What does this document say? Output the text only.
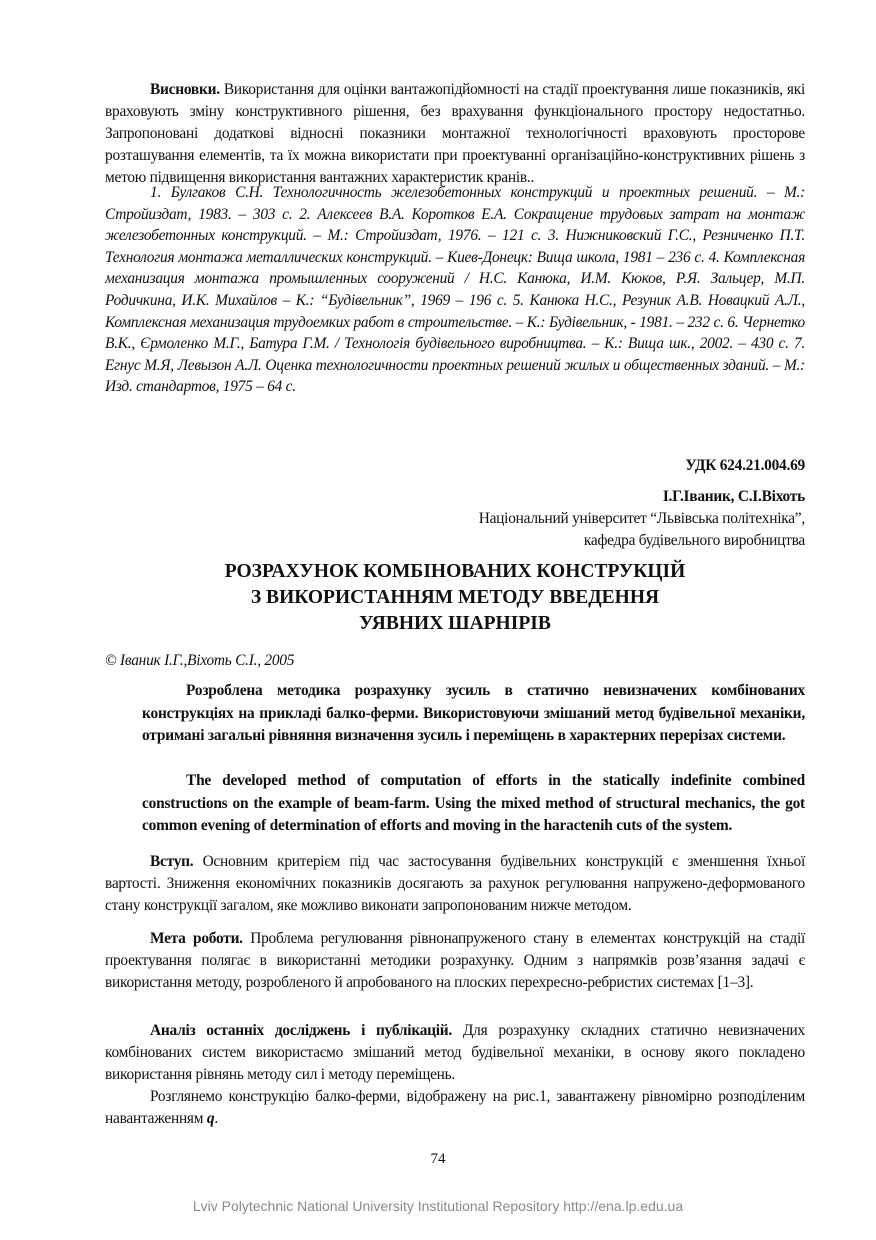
Висновки. Використання для оцінки вантажопідйомності на стадії проектування лише показників, які враховують зміну конструктивного рішення, без врахування функціонального простору недостатньо. Запропоновані додаткові відносні показники монтажної технологічності враховують просторове розташування елементів, та їх можна використати при проектуванні організаційно-конструктивних рішень з метою підвищення використання вантажних характеристик кранів..

1. Булгаков С.Н. Технологичность железобетонных конструкций и проектных решений. – М.: Стройиздат, 1983. – 303 с. 2. Алексеев В.А. Коротков Е.А. Сокращение трудовых затрат на монтаж железобетонных конструкций. – М.: Стройиздат, 1976. – 121 с. 3. Нижниковский Г.С., Резниченко П.Т. Технология монтажа металлических конструкций. – Киев-Донецк: Вища школа, 1981 – 236 с. 4. Комплексная механизация монтажа промышленных сооружений / Н.С. Канюка, И.М. Кюков, Р.Я. Зальцер, М.П. Родичкина, И.К. Михайлов – К.: “Будівельник”, 1969 – 196 с. 5. Канюка Н.С., Резуник А.В. Новацкий А.Л., Комплексная механизация трудоемких работ в строительстве. – К.: Будівельник, - 1981. – 232 с. 6. Чернетко В.К., Єрмоленко М.Г., Батура Г.М. / Технологія будівельного виробництва. – К.: Вища шк., 2002. – 430 с. 7. Егнус М.Я, Левызон А.Л. Оценка технологичности проектных решений жилых и общественных зданий. – М.: Изд. стандартов, 1975 – 64 с.

УДК 624.21.004.69
І.Г.Іваник, С.І.Віхоть
Національний університет “Львівська політехніка”,
кафедра будівельного виробництва
РОЗРАХУНОК КОМБІНОВАНИХ КОНСТРУКЦІЙ
З ВИКОРИСТАННЯМ МЕТОДУ ВВЕДЕННЯ
УЯВНИХ ШАРНІРІВ
© Іваник І.Г.,Віхоть С.І., 2005

Розроблена методика розрахунку зусиль в статично невизначених комбінованих конструкціях на прикладі балко-ферми. Використовуючи змішаний метод будівельної механіки, отримані загальні рівняння визначення зусиль і переміщень в характерних перерізах системи.

The developed method of computation of efforts in the statically indefinite combined constructions on the example of beam-farm. Using the mixed method of structural mechanics, the got common evening of determination of efforts and moving in the haractenih cuts of the system.

Вступ. Основним критерієм під час застосування будівельних конструкцій є зменшення їхньої вартості. Зниження економічних показників досягають за рахунок регулювання напружено-деформованого стану конструкції загалом, яке можливо виконати запропонованим нижче методом.

Мета роботи. Проблема регулювання рівнонапруженого стану в елементах конструкцій на стадії проектування полягає в використанні методики розрахунку. Одним з напрямків розв’язання задачі є використання методу, розробленого й апробованого на плоских перехресно-ребристих системах [1–3].

Аналіз останніх досліджень і публікацій. Для розрахунку складних статично невизначених комбінованих систем використаємо змішаний метод будівельної механіки, в основу якого покладено використання рівнянь методу сил і методу переміщень.

Розглянемо конструкцію балко-ферми, відображену на рис.1, завантажену рівномірно розподіленим навантаженням q.

74
Lviv Polytechnic National University Institutional Repository http://ena.lp.edu.ua
